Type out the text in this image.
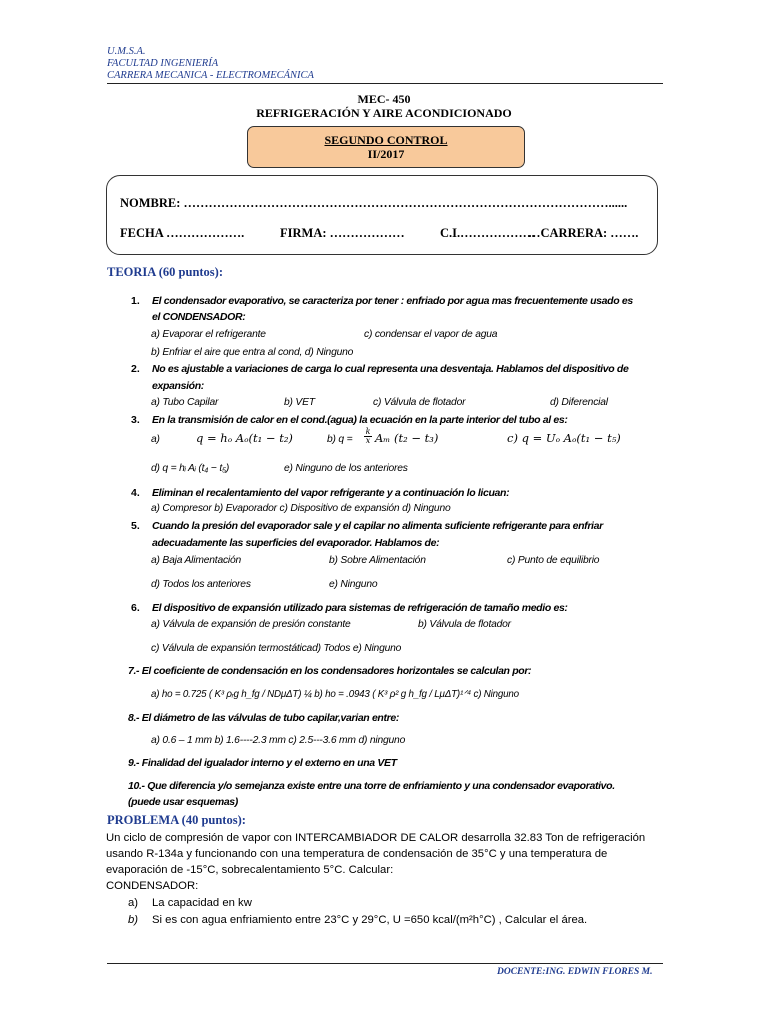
U.M.S.A.
FACULTAD INGENIERÍA
CARRERA MECANICA - ELECTROMECÁNICA
MEC- 450
REFRIGERACIÓN Y AIRE ACONDICIONADO
SEGUNDO CONTROL
II/2017
NOMBRE: …………………………………………………………………………………………......
FECHA ……………….	FIRMA: ………………	C.I.………………
…CARRERA: …….
TEORIA (60 puntos):
1. El condensador evaporativo, se caracteriza por tener : enfriado por agua mas frecuentemente usado es
el CONDENSADOR:
a) Evaporar el refrigerante	c) condensar el vapor de agua
b) Enfriar el aire que entra al cond, d) Ninguno
2. No es ajustable a variaciones de carga lo cual representa una desventaja. Hablamos del dispositivo de
expansión:
a) Tubo Capilar	b) VET	c) Válvula de flotador	d) Diferencial
3. En la transmisión de calor en el cond.(agua) la ecuación en la parte interior del tubo al es:
a)	q = hₒ Aₒ(t₁ − t₂)	b) $q = \frac{k}{x}$ Aₘ (t₂ − t₃)	c) q = Uₒ Aₒ(t₁ − t₅)
d) q = hᵢ Aᵢ (t₄ − t₅)	e) Ninguno de los anteriores
4. Eliminan el recalentamiento del vapor refrigerante y a continuación lo licuan:
a) Compresor b) Evaporador c) Dispositivo de expansión d) Ninguno
5. Cuando la presión del evaporador sale y el capilar no alimenta suficiente refrigerante para enfriar
adecuadamente las superficies del evaporador. Hablamos de:
a) Baja Alimentación	b) Sobre Alimentación	c) Punto de equilibrio
d) Todos los anteriores	e) Ninguno
6. El dispositivo de expansión utilizado para sistemas de refrigeración de tamaño medio es:
a) Válvula de expansión de presión constante	b) Válvula de flotador
c) Válvula de expansión termostáticad) Todos e) Ninguno
7.- El coeficiente de condensación en los condensadores horizontales se calculan por:
a) ho = 0.725 ( K³ ρᵣg h_fg / NDμΔT) ¼ b) ho = .0943 ( K³ ρ² g h_fg / LμΔT)¹ᐟ⁴ c) Ninguno
8.- El diámetro de las válvulas de tubo capilar,varian entre:
a) 0.6 – 1 mm b) 1.6----2.3 mm c) 2.5---3.6 mm d) ninguno
9.- Finalidad del igualador interno y el externo en una VET
10.- Que diferencia y/o semejanza existe entre una torre de enfriamiento y una condensador evaporativo.
(puede usar esquemas)
PROBLEMA (40 puntos):
Un ciclo de compresión de vapor con INTERCAMBIADOR DE CALOR desarrolla 32.83 Ton de refrigeración
usando R-134a y funcionando con una temperatura de condensación de 35°C y una temperatura de
evaporación de -15°C, sobrecalentamiento 5°C. Calcular:
CONDENSADOR:
a) La capacidad en kw
b) Si es con agua enfriamiento entre 23°C y 29°C, U =650 kcal/(m²h°C) , Calcular el área.
DOCENTE:ING. EDWIN FLORES M.
